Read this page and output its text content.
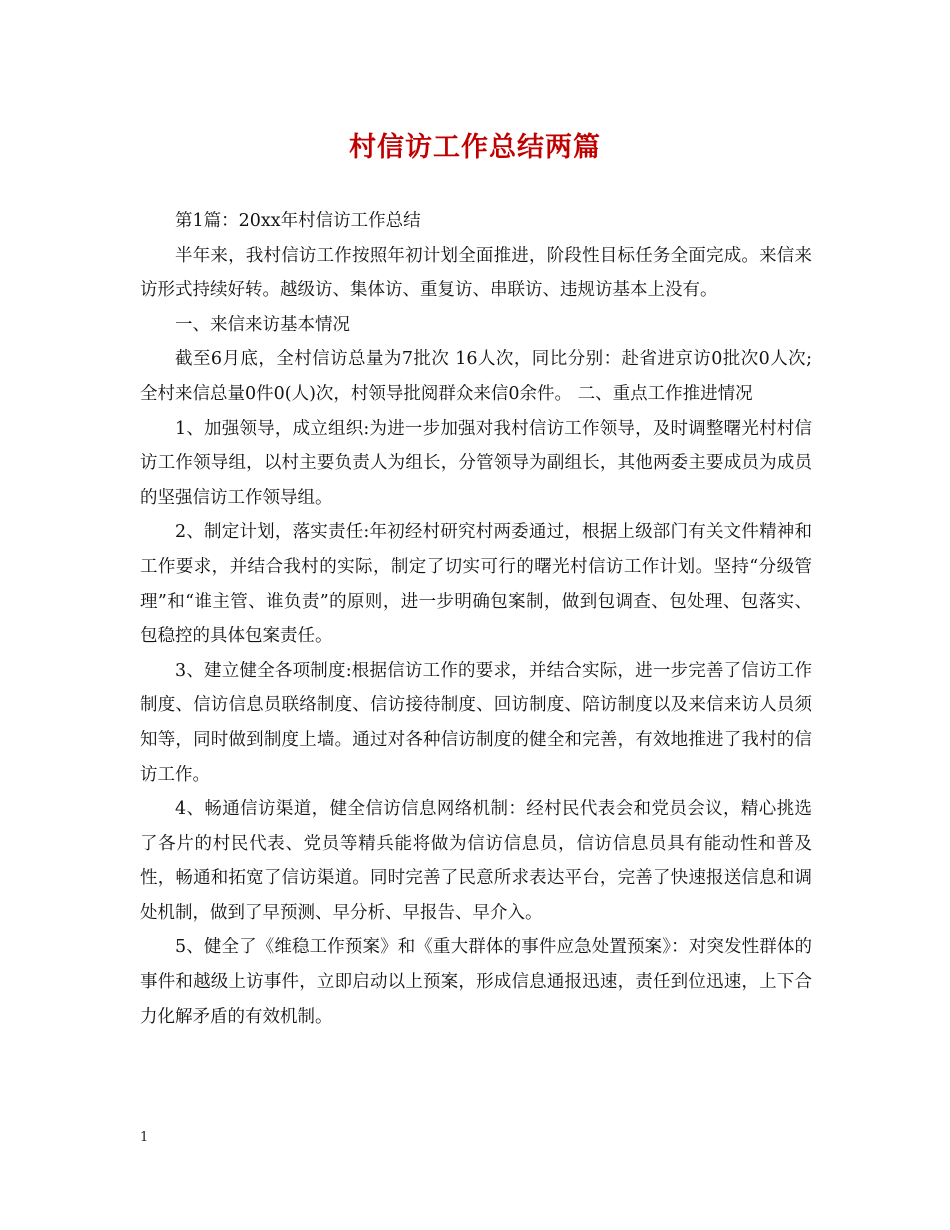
村信访工作总结两篇

第1篇：20xx年村信访工作总结

半年来，我村信访工作按照年初计划全面推进，阶段性目标任务全面完成。来信来访形式持续好转。越级访、集体访、重复访、串联访、违规访基本上没有。

一、来信来访基本情况

截至6月底，全村信访总量为7批次 16人次，同比分别：赴省进京访0批次0人次;全村来信总量0件0(人)次，村领导批阅群众来信0余件。 二、重点工作推进情况

1、加强领导，成立组织:为进一步加强对我村信访工作领导，及时调整曙光村村信访工作领导组，以村主要负责人为组长，分管领导为副组长，其他两委主要成员为成员的坚强信访工作领导组。

2、制定计划，落实责任:年初经村研究村两委通过，根据上级部门有关文件精神和工作要求，并结合我村的实际，制定了切实可行的曙光村信访工作计划。坚持“分级管理”和“谁主管、谁负责”的原则，进一步明确包案制，做到包调查、包处理、包落实、包稳控的具体包案责任。

3、建立健全各项制度:根据信访工作的要求，并结合实际，进一步完善了信访工作制度、信访信息员联络制度、信访接待制度、回访制度、陪访制度以及来信来访人员须知等，同时做到制度上墙。通过对各种信访制度的健全和完善，有效地推进了我村的信访工作。

4、畅通信访渠道，健全信访信息网络机制：经村民代表会和党员会议，精心挑选了各片的村民代表、党员等精兵能将做为信访信息员，信访信息员具有能动性和普及性，畅通和拓宽了信访渠道。同时完善了民意所求表达平台，完善了快速报送信息和调处机制，做到了早预测、早分析、早报告、早介入。

5、健全了《维稳工作预案》和《重大群体的事件应急处置预案》：对突发性群体的事件和越级上访事件，立即启动以上预案，形成信息通报迅速，责任到位迅速，上下合力化解矛盾的有效机制。

1
